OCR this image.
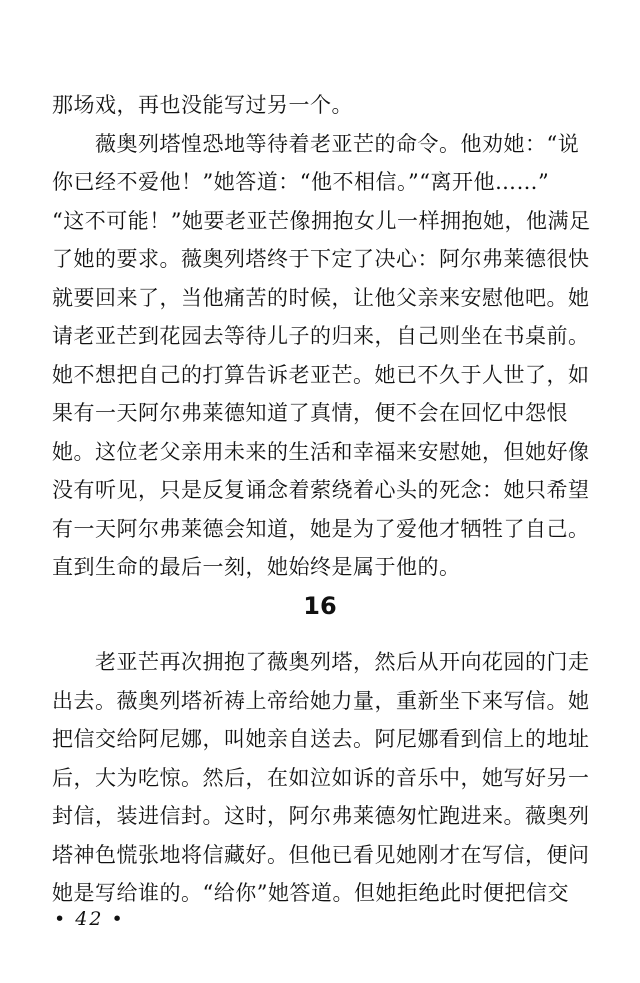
那场戏，再也没能写过另一个。
　　薇奥列塔惶恐地等待着老亚芒的命令。他劝她：“说
你已经不爱他！”她答道：“他不相信。”“离开他……”
“这不可能！”她要老亚芒像拥抱女儿一样拥抱她，他满足
了她的要求。薇奥列塔终于下定了决心：阿尔弗莱德很快
就要回来了，当他痛苦的时候，让他父亲来安慰他吧。她
请老亚芒到花园去等待儿子的归来，自己则坐在书桌前。
她不想把自己的打算告诉老亚芒。她已不久于人世了，如
果有一天阿尔弗莱德知道了真情，便不会在回忆中怨恨
她。这位老父亲用未来的生活和幸福来安慰她，但她好像
没有听见，只是反复诵念着萦绕着心头的死念：她只希望
有一天阿尔弗莱德会知道，她是为了爱他才牺牲了自己。
直到生命的最后一刻，她始终是属于他的。
16
　　老亚芒再次拥抱了薇奥列塔，然后从开向花园的门走
出去。薇奥列塔祈祷上帝给她力量，重新坐下来写信。她
把信交给阿尼娜，叫她亲自送去。阿尼娜看到信上的地址
后，大为吃惊。然后，在如泣如诉的音乐中，她写好另一
封信，装进信封。这时，阿尔弗莱德匆忙跑进来。薇奥列
塔神色慌张地将信藏好。但他已看见她刚才在写信，便问
她是写给谁的。“给你”她答道。但她拒绝此时便把信交
• 42 •
